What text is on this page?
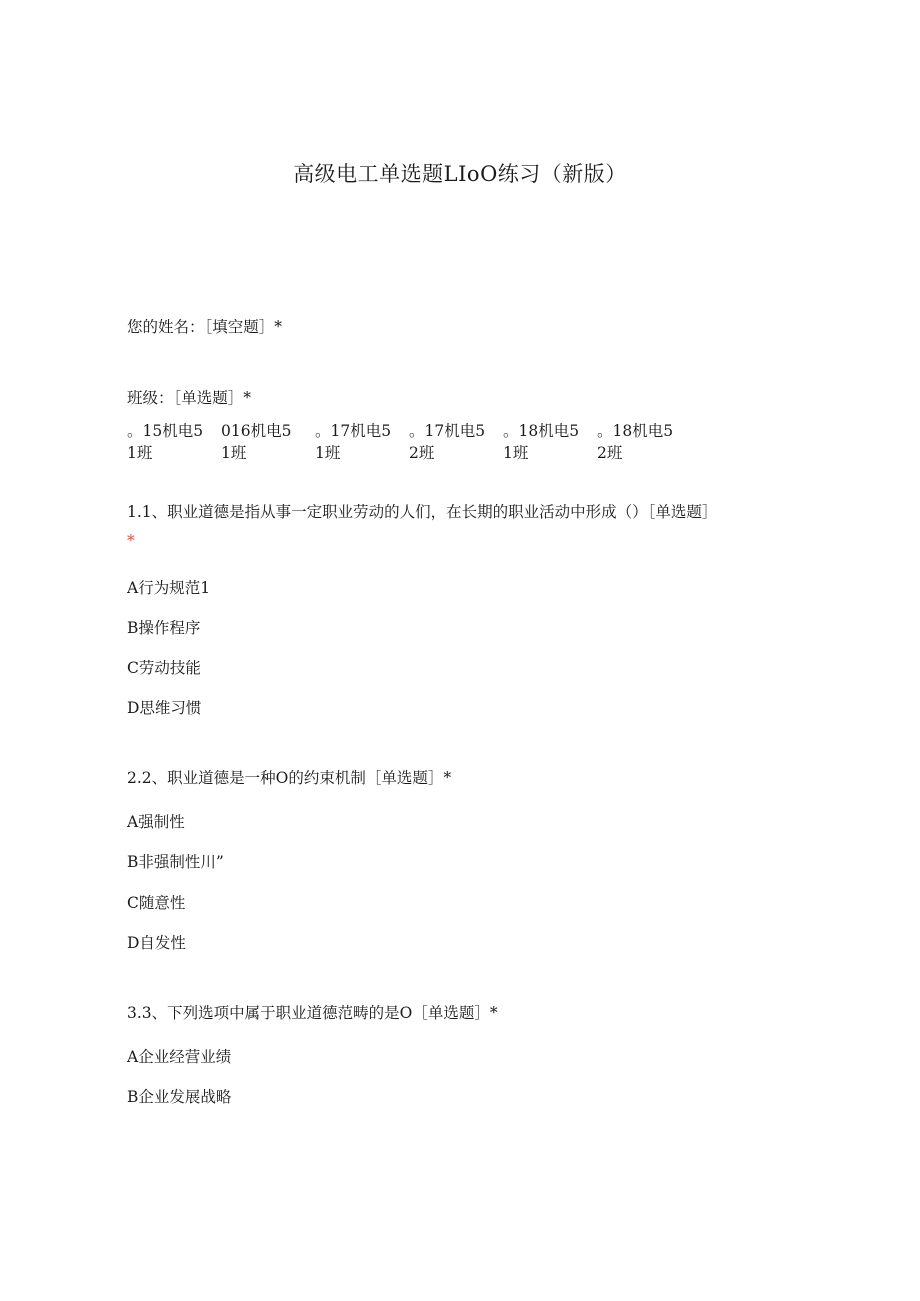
高级电工单选题LIoO练习（新版）
您的姓名：［填空题］*
班级：［单选题］*
。15机电5
1班
016机电5
1班
。17机电5
1班
。17机电5
2班
。18机电5
1班
。18机电5
2班
1.1、职业道德是指从事一定职业劳动的人们，在长期的职业活动中形成（）［单选题］
*
A行为规范1
B操作程序
C劳动技能
D思维习惯
2.2、职业道德是一种O的约束机制［单选题］*
A强制性
B非强制性川”
C随意性
D自发性
3.3、下列选项中属于职业道德范畴的是O［单选题］*
A企业经营业绩
B企业发展战略
